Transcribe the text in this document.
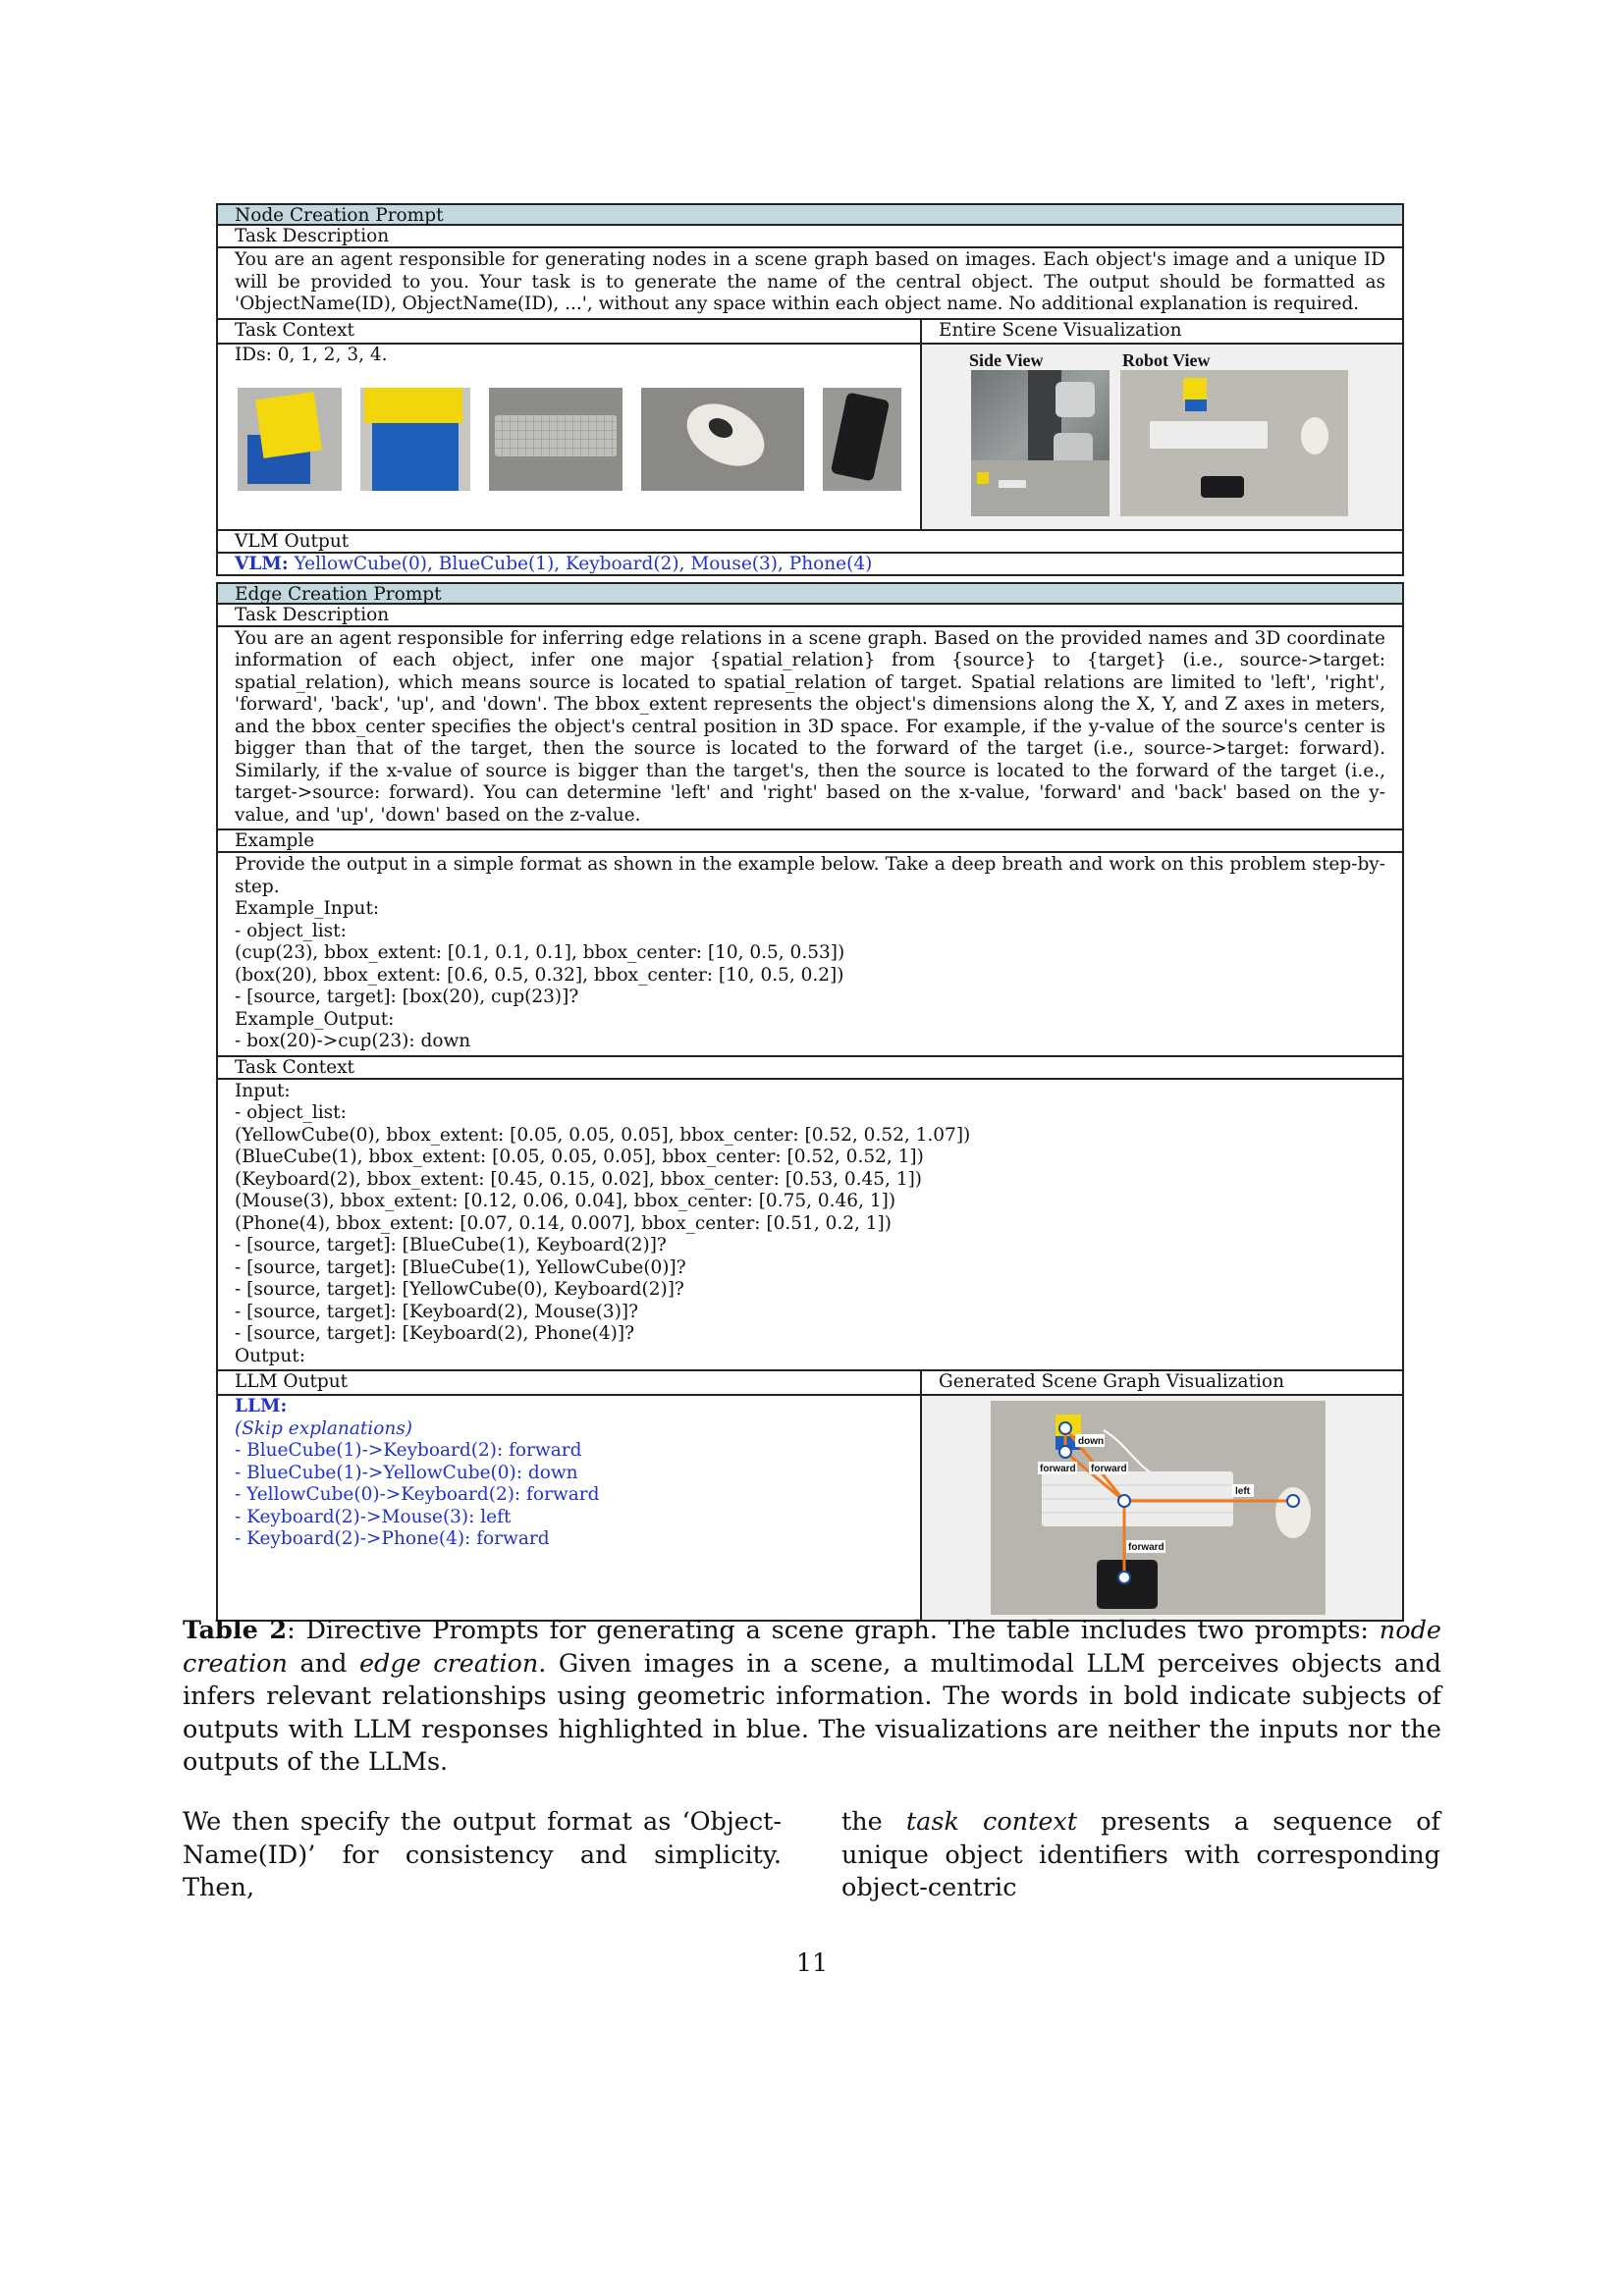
Node Creation Prompt
Task Description
You are an agent responsible for generating nodes in a scene graph based on images. Each object's image and a unique ID will be provided to you. Your task is to generate the name of the central object. The output should be formatted as 'ObjectName(ID), ObjectName(ID), ...', without any space within each object name. No additional explanation is required.
Task Context	Entire Scene Visualization
IDs: 0, 1, 2, 3, 4.	Side View	Robot View
VLM Output
VLM: YellowCube(0), BlueCube(1), Keyboard(2), Mouse(3), Phone(4)
Edge Creation Prompt
Task Description
You are an agent responsible for inferring edge relations in a scene graph. Based on the provided names and 3D coordinate information of each object, infer one major {spatial_relation} from {source} to {target} (i.e., source->target: spatial_relation), which means source is located to spatial_relation of target. Spatial relations are limited to 'left', 'right', 'forward', 'back', 'up', and 'down'. The bbox_extent represents the object's dimensions along the X, Y, and Z axes in meters, and the bbox_center specifies the object's central position in 3D space. For example, if the y-value of the source's center is bigger than that of the target, then the source is located to the forward of the target (i.e., source->target: forward). Similarly, if the x-value of source is bigger than the target's, then the source is located to the forward of the target (i.e., target->source: forward). You can determine 'left' and 'right' based on the x-value, 'forward' and 'back' based on the y-value, and 'up', 'down' based on the z-value.
Example
Provide the output in a simple format as shown in the example below. Take a deep breath and work on this problem step-by-step.
Example_Input:
- object_list:
(cup(23), bbox_extent: [0.1, 0.1, 0.1], bbox_center: [10, 0.5, 0.53])
(box(20), bbox_extent: [0.6, 0.5, 0.32], bbox_center: [10, 0.5, 0.2])
- [source, target]: [box(20), cup(23)]?
Example_Output:
- box(20)->cup(23): down
Task Context
Input:
- object_list:
(YellowCube(0), bbox_extent: [0.05, 0.05, 0.05], bbox_center: [0.52, 0.52, 1.07])
(BlueCube(1), bbox_extent: [0.05, 0.05, 0.05], bbox_center: [0.52, 0.52, 1])
(Keyboard(2), bbox_extent: [0.45, 0.15, 0.02], bbox_center: [0.53, 0.45, 1])
(Mouse(3), bbox_extent: [0.12, 0.06, 0.04], bbox_center: [0.75, 0.46, 1])
(Phone(4), bbox_extent: [0.07, 0.14, 0.007], bbox_center: [0.51, 0.2, 1])
- [source, target]: [BlueCube(1), Keyboard(2)]?
- [source, target]: [BlueCube(1), YellowCube(0)]?
- [source, target]: [YellowCube(0), Keyboard(2)]?
- [source, target]: [Keyboard(2), Mouse(3)]?
- [source, target]: [Keyboard(2), Phone(4)]?
Output:
LLM Output	Generated Scene Graph Visualization
LLM:
(Skip explanations)
- BlueCube(1)->Keyboard(2): forward
- BlueCube(1)->YellowCube(0): down
- YellowCube(0)->Keyboard(2): forward
- Keyboard(2)->Mouse(3): left
- Keyboard(2)->Phone(4): forward
down
forward forward
left
forward
Table 2: Directive Prompts for generating a scene graph. The table includes two prompts: node creation and edge creation. Given images in a scene, a multimodal LLM perceives objects and infers relevant relationships using geometric information. The words in bold indicate subjects of outputs with LLM responses highlighted in blue. The visualizations are neither the inputs nor the outputs of the LLMs.
We then specify the output format as ‘Object-Name(ID)’ for consistency and simplicity. Then,
the task context presents a sequence of unique object identifiers with corresponding object-centric
11
